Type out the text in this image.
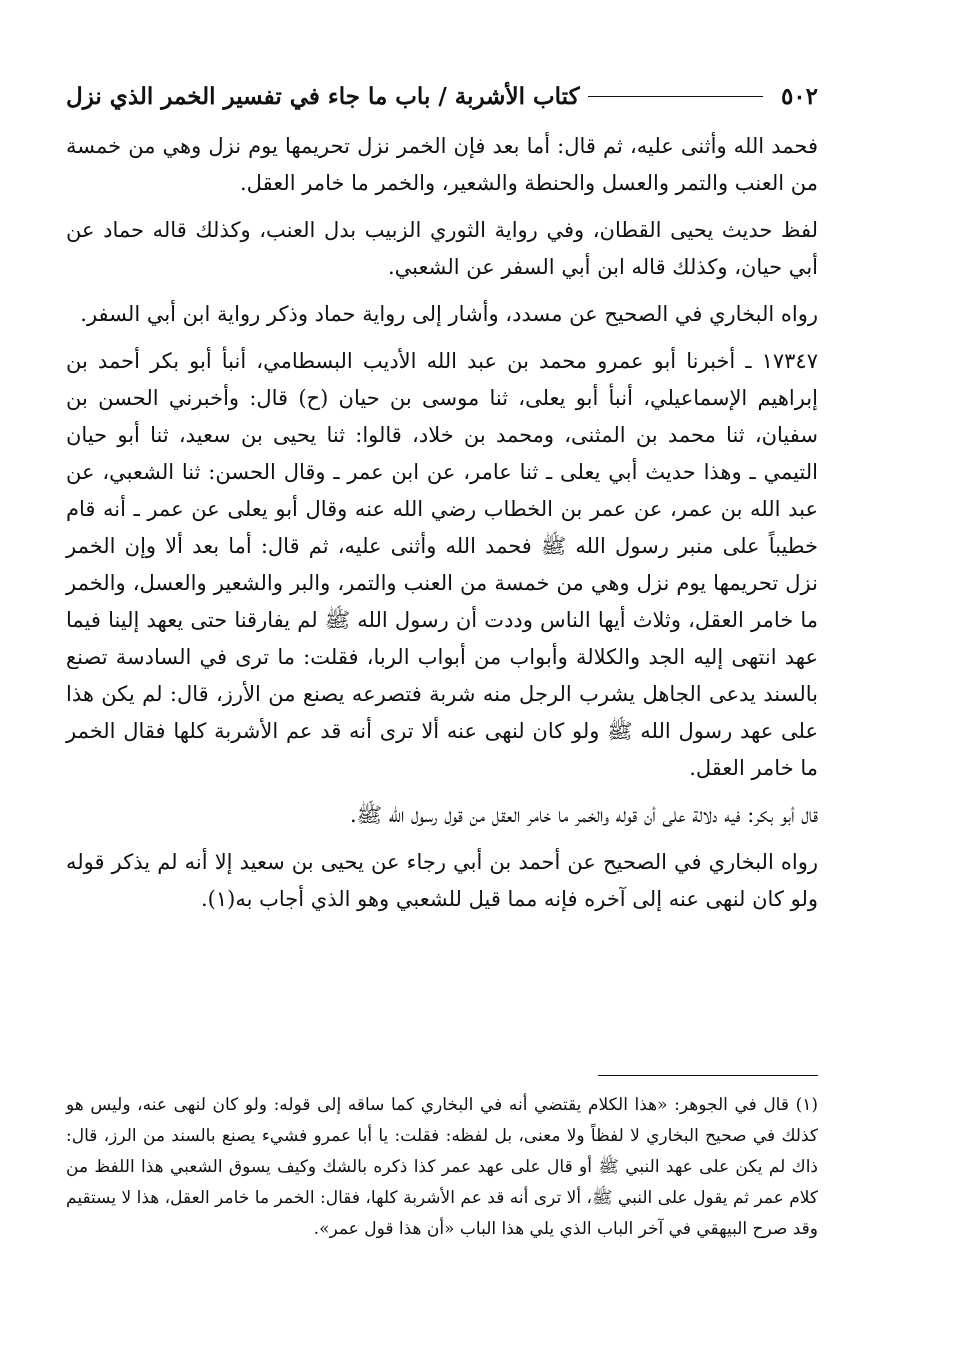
٥٠٢
كتاب الأشربة / باب ما جاء في تفسير الخمر الذي نزل

فحمد الله وأثنى عليه، ثم قال: أما بعد فإن الخمر نزل تحريمها يوم نزل وهي من خمسة من العنب والتمر والعسل والحنطة والشعير، والخمر ما خامر العقل.

لفظ حديث يحيى القطان، وفي رواية الثوري الزبيب بدل العنب، وكذلك قاله حماد عن أبي حيان، وكذلك قاله ابن أبي السفر عن الشعبي.

رواه البخاري في الصحيح عن مسدد، وأشار إلى رواية حماد وذكر رواية ابن أبي السفر.

١٧٣٤٧ ـ أخبرنا أبو عمرو محمد بن عبد الله الأديب البسطامي، أنبأ أبو بكر أحمد بن إبراهيم الإسماعيلي، أنبأ أبو يعلى، ثنا موسى بن حيان (ح) قال: وأخبرني الحسن بن سفيان، ثنا محمد بن المثنى، ومحمد بن خلاد، قالوا: ثنا يحيى بن سعيد، ثنا أبو حيان التيمي ـ وهذا حديث أبي يعلى ـ ثنا عامر، عن ابن عمر ـ وقال الحسن: ثنا الشعبي، عن عبد الله بن عمر، عن عمر بن الخطاب رضي الله عنه وقال أبو يعلى عن عمر ـ أنه قام خطيباً على منبر رسول الله ﷺ فحمد الله وأثنى عليه، ثم قال: أما بعد ألا وإن الخمر نزل تحريمها يوم نزل وهي من خمسة من العنب والتمر، والبر والشعير والعسل، والخمر ما خامر العقل، وثلاث أيها الناس وددت أن رسول الله ﷺ لم يفارقنا حتى يعهد إلينا فيما عهد انتهى إليه الجد والكلالة وأبواب من أبواب الربا، فقلت: ما ترى في السادسة تصنع بالسند يدعى الجاهل يشرب الرجل منه شربة فتصرعه يصنع من الأرز، قال: لم يكن هذا على عهد رسول الله ﷺ ولو كان لنهى عنه ألا ترى أنه قد عم الأشربة كلها فقال الخمر ما خامر العقل.

قال أبو بكر: فيه دلالة على أن قوله والخمر ما خامر العقل من قول رسول الله ﷺ.

رواه البخاري في الصحيح عن أحمد بن أبي رجاء عن يحيى بن سعيد إلا أنه لم يذكر قوله ولو كان لنهى عنه إلى آخره فإنه مما قيل للشعبي وهو الذي أجاب به(١).

(١) قال في الجوهر: «هذا الكلام يقتضي أنه في البخاري كما ساقه إلى قوله: ولو كان لنهى عنه، وليس هو كذلك في صحيح البخاري لا لفظاً ولا معنى، بل لفظه: فقلت: يا أبا عمرو فشيء يصنع بالسند من الرز، قال: ذاك لم يكن على عهد النبي ﷺ أو قال على عهد عمر كذا ذكره بالشك وكيف يسوق الشعبي هذا اللفظ من كلام عمر ثم يقول على النبي ﷺ، ألا ترى أنه قد عم الأشربة كلها، فقال: الخمر ما خامر العقل، هذا لا يستقيم وقد صرح البيهقي في آخر الباب الذي يلي هذا الباب «أن هذا قول عمر».
